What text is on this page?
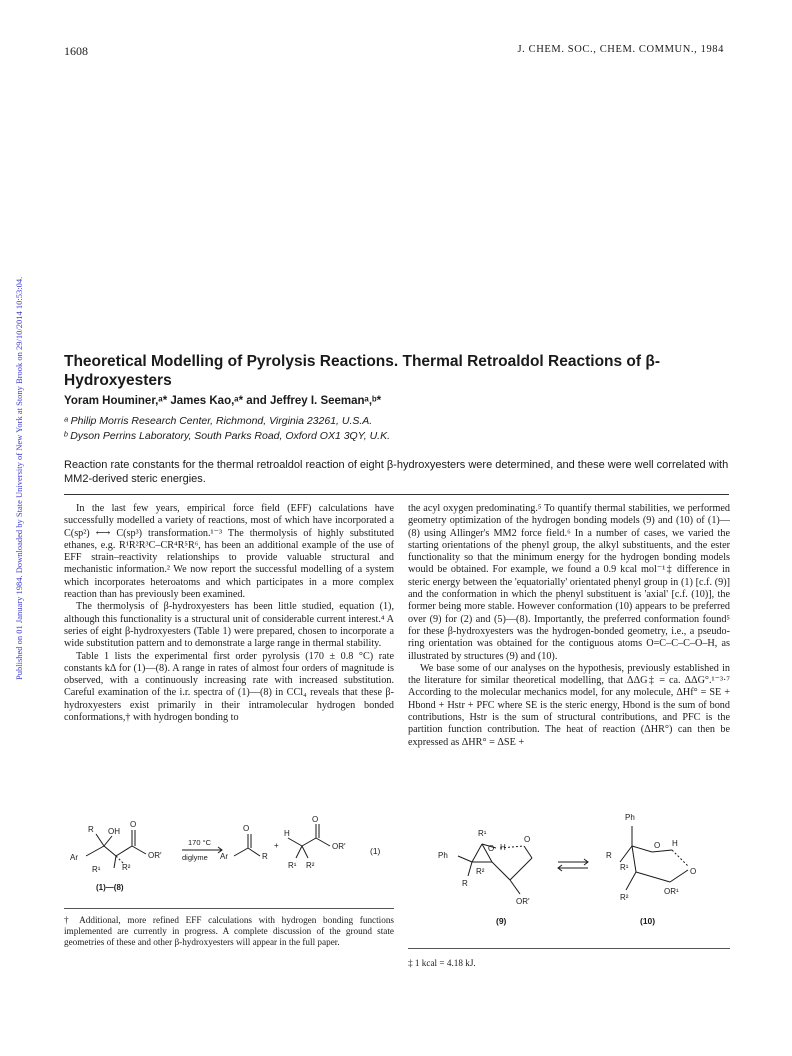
1608	J. CHEM. SOC., CHEM. COMMUN., 1984
Published on 01 January 1984. Downloaded by State University of New York at Stony Brook on 29/10/2014 10:53:04.	Theoretical Modelling of Pyrolysis Reactions. Thermal Retroaldol Reactions of β-Hydroxyesters
Yoram Houminer,ᵃ* James Kao,ᵃ* and Jeffrey I. Seemanᵃ,ᵇ*
ᵃ Philip Morris Research Center, Richmond, Virginia 23261, U.S.A.
ᵇ Dyson Perrins Laboratory, South Parks Road, Oxford OX1 3QY, U.K.
Reaction rate constants for the thermal retroaldol reaction of eight β-hydroxyesters were determined, and these were well correlated with MM2-derived steric energies.

In the last few years, empirical force field (EFF) calculations have successfully modelled a variety of reactions, most of which have incorporated a C(sp²) ⟷ C(sp³) transformation.¹⁻³ The thermolysis of highly substituted ethanes, e.g. R¹R²R³C–CR⁴R⁵R⁶, has been an additional example of the use of EFF strain–reactivity relationships to provide valuable structural and mechanistic information.² We now report the successful modelling of a system which incorporates heteroatoms and which participates in a more complex reaction than has previously been examined.

The thermolysis of β-hydroxyesters has been little studied, equation (1), although this functionality is a structural unit of considerable current interest.⁴ A series of eight β-hydroxyesters (Table 1) were prepared, chosen to incorporate a wide substitution pattern and to demonstrate a large range in thermal stability.

Table 1 lists the experimental first order pyrolysis (170 ± 0.8 °C) rate constants kΔ for (1)—(8). A range in rates of almost four orders of magnitude is observed, with a continuously increasing rate with increased substitution. Careful examination of the i.r. spectra of (1)—(8) in CCl₄ reveals that these β-hydroxyesters exist primarily in their intramolecular hydrogen bonded conformations,† with hydrogen bonding to

the acyl oxygen predominating.⁵ To quantify thermal stabilities, we performed geometry optimization of the hydrogen bonding models (9) and (10) of (1)—(8) using Allinger's MM2 force field.⁶ In a number of cases, we varied the starting orientations of the phenyl group, the alkyl substituents, and the ester functionality so that the minimum energy for the hydrogen bonding models would be obtained. For example, we found a 0.9 kcal mol⁻¹‡ difference in steric energy between the 'equatorially' orientated phenyl group in (1) [c.f. (9)] and the conformation in which the phenyl substituent is 'axial' [c.f. (10)], the former being more stable. However conformation (10) appears to be preferred over (9) for (2) and (5)—(8). Importantly, the preferred conformation found⁵ for these β-hydroxyesters was the hydrogen-bonded geometry, i.e., a pseudo-ring orientation was obtained for the contiguous atoms O=C–C–C–O–H, as illustrated by structures (9) and (10).

We base some of our analyses on the hypothesis, previously established in the literature for similar theoretical modelling, that ΔΔG‡ = ca. ΔΔG°.¹⁻³·⁷ According to the molecular mechanics model, for any molecule, ΔHf° = SE + Hbond + Hstr + PFC where SE is the steric energy, Hbond is the sum of bond contributions, Hstr is the sum of structural contributions, and PFC is the partition function contribution. The heat of reaction (ΔHR°) can then be expressed as ΔHR° = ΔSE +

R OH
O
Ar	OR′
R¹	R²
O
Ar	R
+
H
O
OR′
R¹ R²
170 °C
diglyme
(1)
(1)—(8)
R¹
O H
O
Ph
R²
R
OR′
Ph
R
R¹
O H
O
OR¹
R²
(9)	(10)
† Additional, more refined EFF calculations with hydrogen bonding functions implemented are currently in progress. A complete discussion of the ground state geometries of these and other β-hydroxyesters will appear in the full paper.
‡ 1 kcal = 4.18 kJ.
